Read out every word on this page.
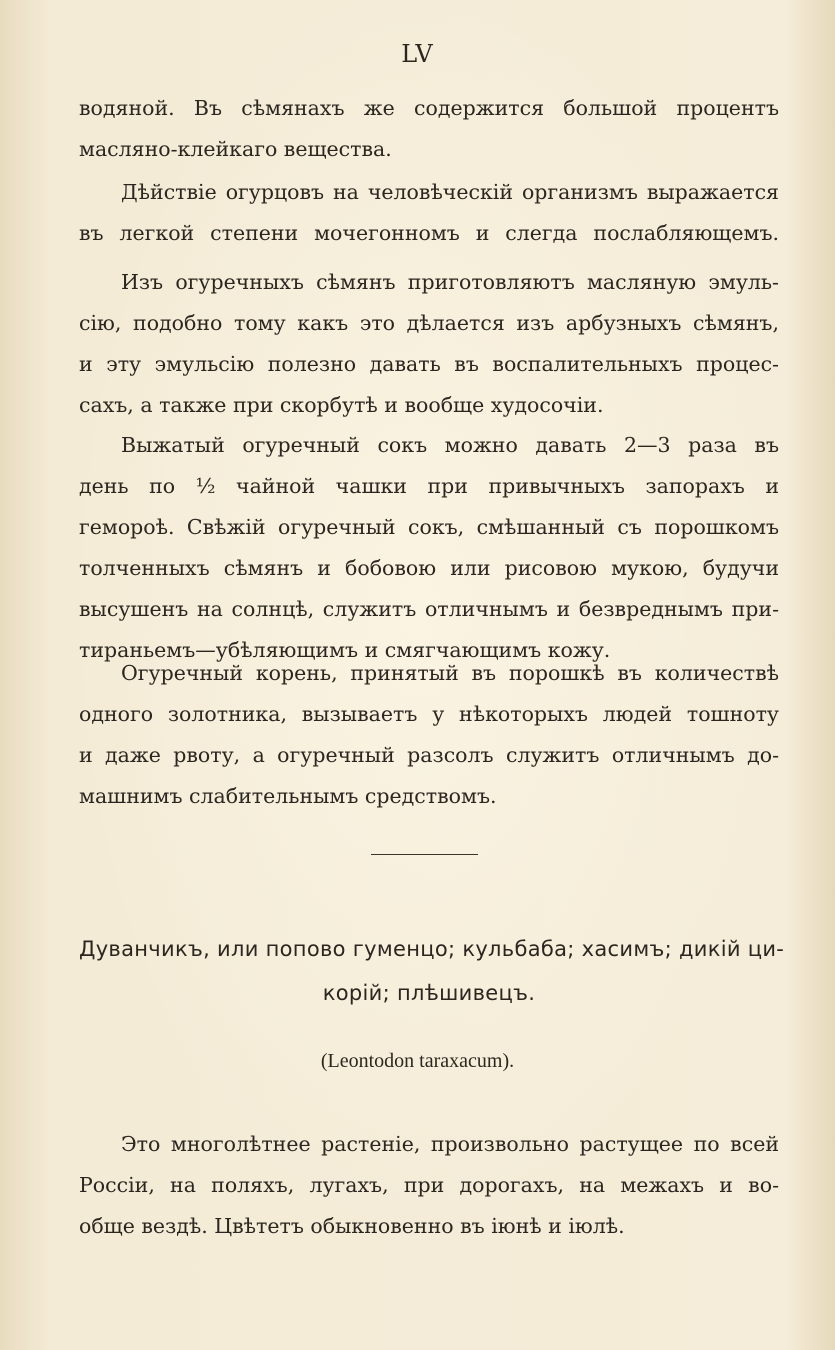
LV
водяной. Въ сѣмянахъ же содержится большой процентъ
масляно-клейкаго вещества.
Дѣйствіе огурцовъ на человѣческій организмъ выражается
въ легкой степени мочегонномъ и слегда послабляющемъ.
Изъ огуречныхъ сѣмянъ приготовляютъ масляную эмуль-
сію, подобно тому какъ это дѣлается изъ арбузныхъ сѣмянъ,
и эту эмульсію полезно давать въ воспалительныхъ процес-
сахъ, а также при скорбутѣ и вообще худосочіи.
Выжатый огуречный сокъ можно давать 2—3 раза въ
день по ½ чайной чашки при привычныхъ запорахъ и
геморoѣ. Свѣжій огуречный сокъ, смѣшанный съ порошкомъ
толченныхъ сѣмянъ и бобовою или рисовою мукою, будучи
высушенъ на солнцѣ, служитъ отличнымъ и безвреднымъ при-
тираньемъ—убѣляющимъ и смягчающимъ кожу.
Огуречный корень, принятый въ порошкѣ въ количествѣ
одного золотника, вызываетъ у нѣкоторыхъ людей тошноту
и даже рвоту, а огуречный разсолъ служитъ отличнымъ до-
машнимъ слабительнымъ средствомъ.
Дуванчикъ, или попово гуменцо; кульбаба; хасимъ; дикій ци-
корій; плѣшивецъ.
(Leontodon taraxacum).
Это многолѣтнее растеніе, произвольно растущее по всей
Россіи, на поляхъ, лугахъ, при дорогахъ, на межахъ и во-
обще вездѣ. Цвѣтетъ обыкновенно въ іюнѣ и іюлѣ.
